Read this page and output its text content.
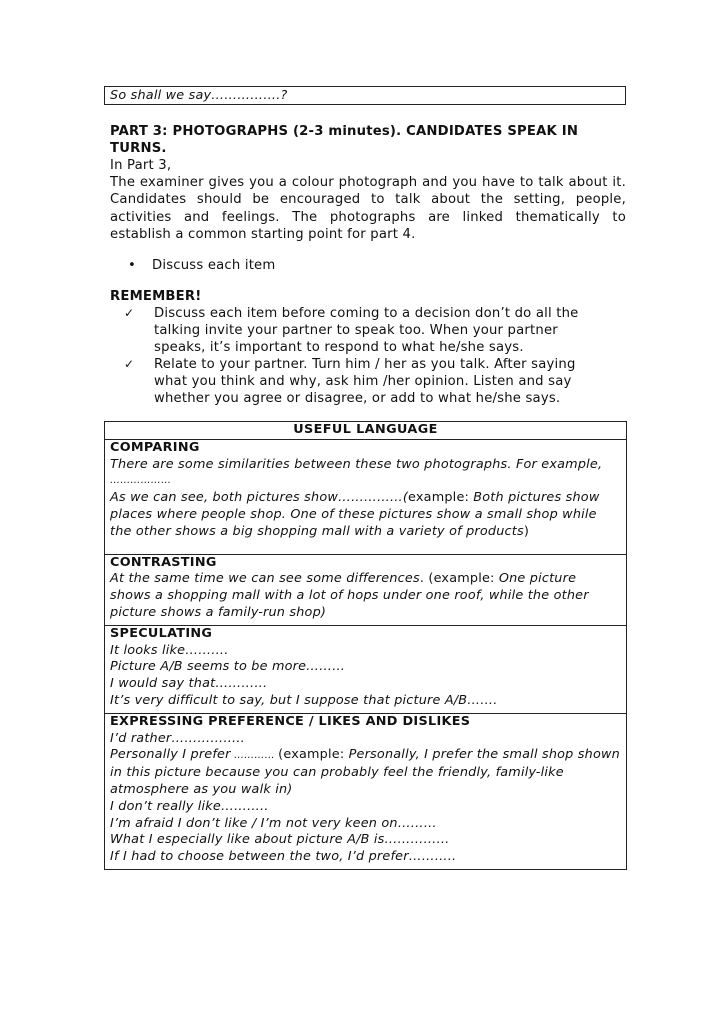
So shall we say…………….?
PART 3: PHOTOGRAPHS (2-3 minutes). CANDIDATES SPEAK IN TURNS.
In Part 3,
The examiner gives you a colour photograph and you have to talk about it. Candidates should be encouraged to talk about the setting, people, activities and feelings. The photographs are linked thematically to establish a common starting point for part 4.
•	Discuss each item
REMEMBER!
✓	Discuss each item before coming to a decision don’t do all the talking invite your partner to speak too. When your partner speaks, it’s important to respond to what he/she says.
✓	Relate to your partner. Turn him / her as you talk. After saying what you think and why, ask him /her opinion. Listen and say whether you agree or disagree, or add to what he/she says.
USEFUL LANGUAGE

COMPARING
There are some similarities between these two photographs. For example,
………………
As we can see, both pictures show…………...(example: Both pictures show places where people shop. One of these pictures show a small shop while the other shows a big shopping mall with a variety of products)

CONTRASTING
At the same time we can see some differences. (example: One picture shows a shopping mall with a lot of hops under one roof, while the other picture shows a family-run shop)

SPECULATING
It looks like……….
Picture A/B seems to be more………
I would say that…………
It’s very difficult to say, but I suppose that picture A/B…….

EXPRESSING PREFERENCE / LIKES AND DISLIKES
I’d rather……………..
Personally I prefer ………… (example: Personally, I prefer the small shop shown in this picture because you can probably feel the friendly, family-like atmosphere as you walk in)
I don’t really like………..
I’m afraid I don’t like / I’m not very keen on………
What I especially like about picture A/B is……………
If I had to choose between the two, I’d prefer………..
